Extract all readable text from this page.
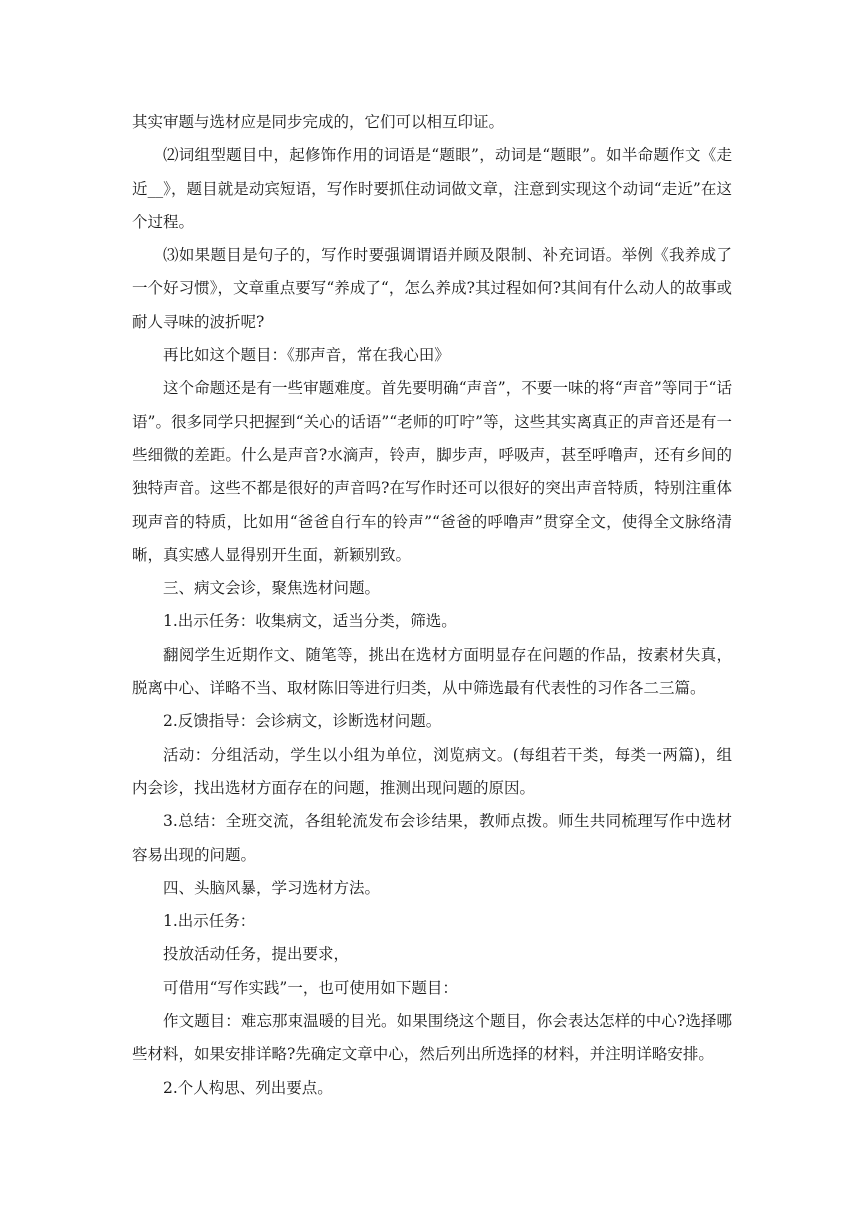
其实审题与选材应是同步完成的，它们可以相互印证。

⑵词组型题目中，起修饰作用的词语是“题眼”，动词是“题眼”。如半命题作文《走近__》，题目就是动宾短语，写作时要抓住动词做文章，注意到实现这个动词“走近”在这个过程。

⑶如果题目是句子的，写作时要强调谓语并顾及限制、补充词语。举例《我养成了一个好习惯》，文章重点要写“养成了“，怎么养成?其过程如何?其间有什么动人的故事或耐人寻味的波折呢?

再比如这个题目：《那声音，常在我心田》

这个命题还是有一些审题难度。首先要明确“声音”，不要一味的将“声音”等同于“话语”。很多同学只把握到“关心的话语”“老师的叮咛”等，这些其实离真正的声音还是有一些细微的差距。什么是声音?水滴声，铃声，脚步声，呼吸声，甚至呼噜声，还有乡间的独特声音。这些不都是很好的声音吗?在写作时还可以很好的突出声音特质，特别注重体现声音的特质，比如用“爸爸自行车的铃声”“爸爸的呼噜声”贯穿全文，使得全文脉络清晰，真实感人显得别开生面，新颖别致。

三、病文会诊，聚焦选材问题。

1.出示任务：收集病文，适当分类，筛选。

翻阅学生近期作文、随笔等，挑出在选材方面明显存在问题的作品，按素材失真，脱离中心、详略不当、取材陈旧等进行归类，从中筛选最有代表性的习作各二三篇。

2.反馈指导：会诊病文，诊断选材问题。

活动：分组活动，学生以小组为单位，浏览病文。(每组若干类，每类一两篇)，组内会诊，找出选材方面存在的问题，推测出现问题的原因。

3.总结：全班交流，各组轮流发布会诊结果，教师点拨。师生共同梳理写作中选材容易出现的问题。

四、头脑风暴，学习选材方法。

1.出示任务：

投放活动任务，提出要求，

可借用“写作实践”一，也可使用如下题目：

作文题目：难忘那束温暖的目光。如果围绕这个题目，你会表达怎样的中心?选择哪些材料，如果安排详略?先确定文章中心，然后列出所选择的材料，并注明详略安排。

2.个人构思、列出要点。
